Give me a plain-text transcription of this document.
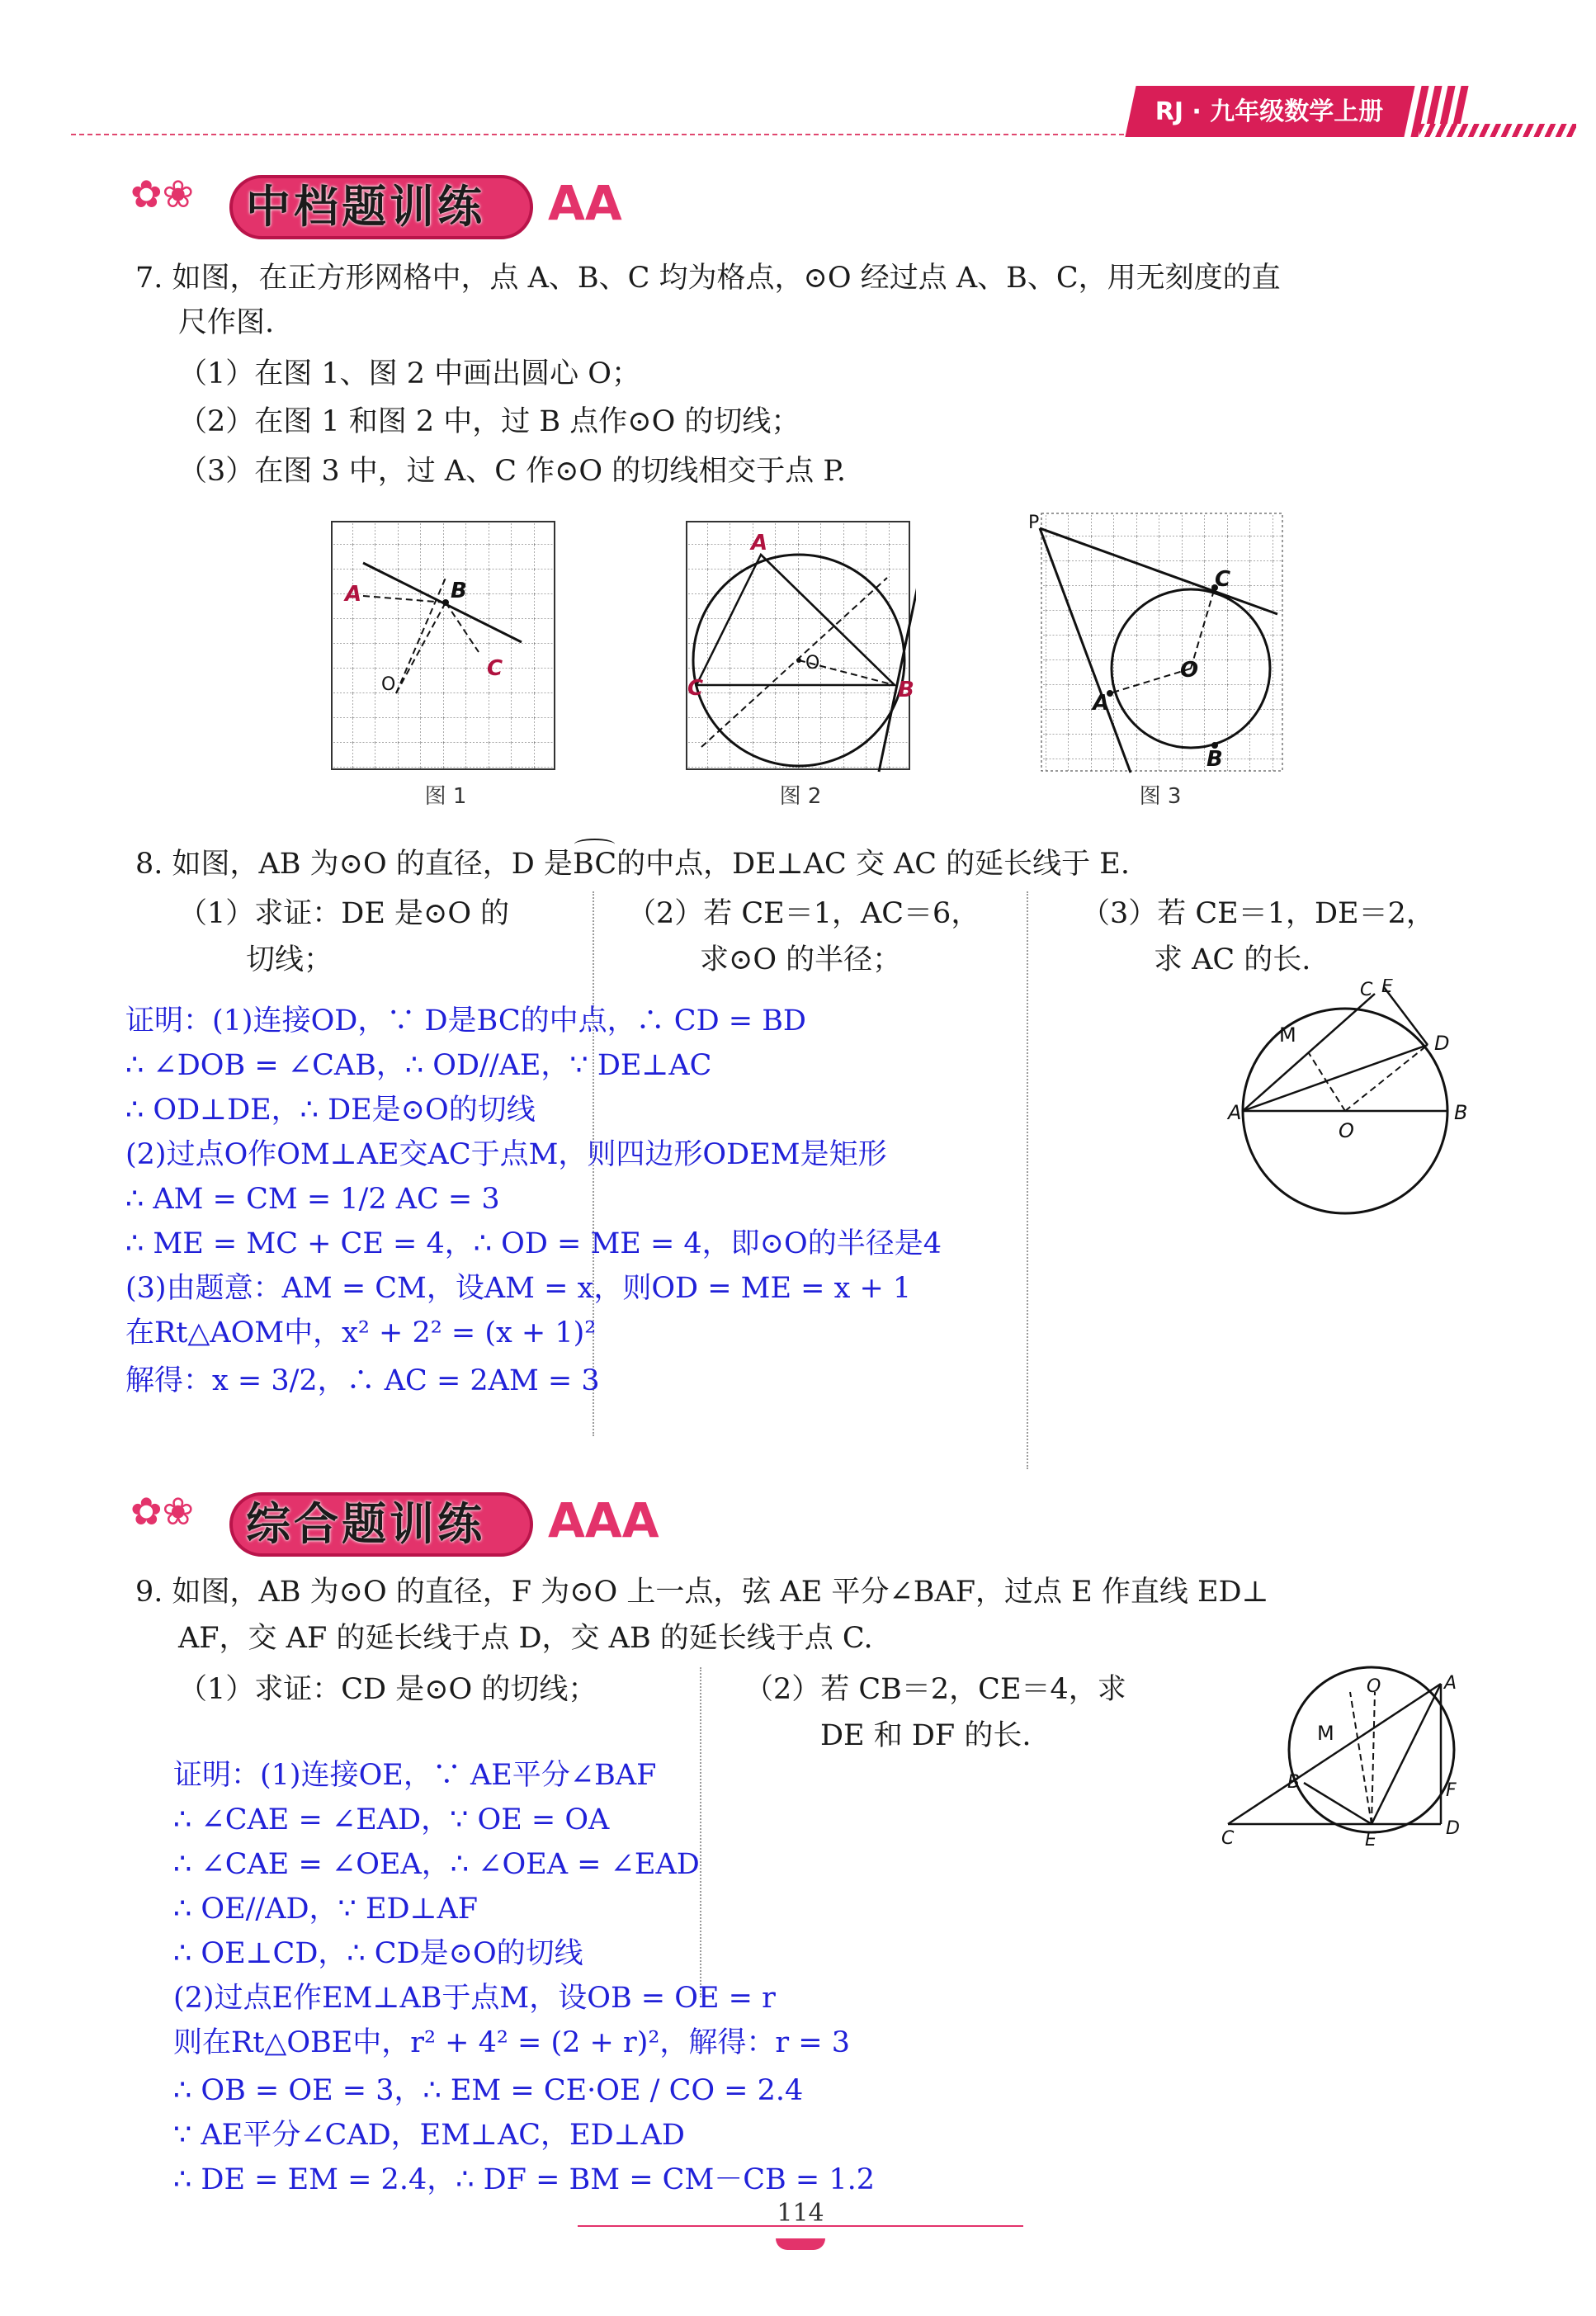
RJ · 九年级数学上册
✿❀ 中档题训练 AA
7. 如图，在正方形网格中，点 A、B、C 均为格点，⊙O 经过点 A、B、C，用无刻度的直
尺作图.
（1）在图 1、图 2 中画出圆心 O；
（2）在图 1 和图 2 中，过 B 点作⊙O 的切线；
（3）在图 3 中，过 A、C 作⊙O 的切线相交于点 P.
A	B
C
O
图 1
A
C	B
O
图 2
P
C
A
O
B
图 3
8. 如图，AB 为⊙O 的直径，D 是BC的中点，DE⊥AC 交 AC 的延长线于 E.
（1）求证：DE 是⊙O 的
切线；
（2）若 CE＝1，AC＝6，
求⊙O 的半径；
（3）若 CE＝1，DE＝2，
求 AC 的长.
A	B
O
D
C E
M
证明：(1)连接OD，∵ D是BC的中点，∴ CD = BD
∴ ∠DOB = ∠CAB，∴ OD//AE，∵ DE⊥AC
∴ OD⊥DE，∴ DE是⊙O的切线
(2)过点O作OM⊥AE交AC于点M，则四边形ODEM是矩形
∴ AM = CM = 1/2 AC = 3
∴ ME = MC + CE = 4，∴ OD = ME = 4，即⊙O的半径是4
(3)由题意：AM = CM，设AM = x，则OD = ME = x + 1
在Rt△AOM中，x² + 2² = (x + 1)²
解得：x = 3/2，∴ AC = 2AM = 3
✿❀ 综合题训练 AAA
9. 如图，AB 为⊙O 的直径，F 为⊙O 上一点，弦 AE 平分∠BAF，过点 E 作直线 ED⊥
AF，交 AF 的延长线于点 D，交 AB 的延长线于点 C.
（1）求证：CD 是⊙O 的切线；	（2）若 CB＝2，CE＝4，求
DE 和 DF 的长.
A
B
C	D
E
F
O
M
证明：(1)连接OE，∵ AE平分∠BAF
∴ ∠CAE = ∠EAD，∵ OE = OA
∴ ∠CAE = ∠OEA，∴ ∠OEA = ∠EAD
∴ OE//AD，∵ ED⊥AF
∴ OE⊥CD，∴ CD是⊙O的切线
(2)过点E作EM⊥AB于点M，设OB = OE = r
则在Rt△OBE中，r² + 4² = (2 + r)²，解得：r = 3
∴ OB = OE = 3，∴ EM = CE·OE / CO = 2.4
∵ AE平分∠CAD，EM⊥AC，ED⊥AD
∴ DE = EM = 2.4，∴ DF = BM = CM－CB = 1.2
114
